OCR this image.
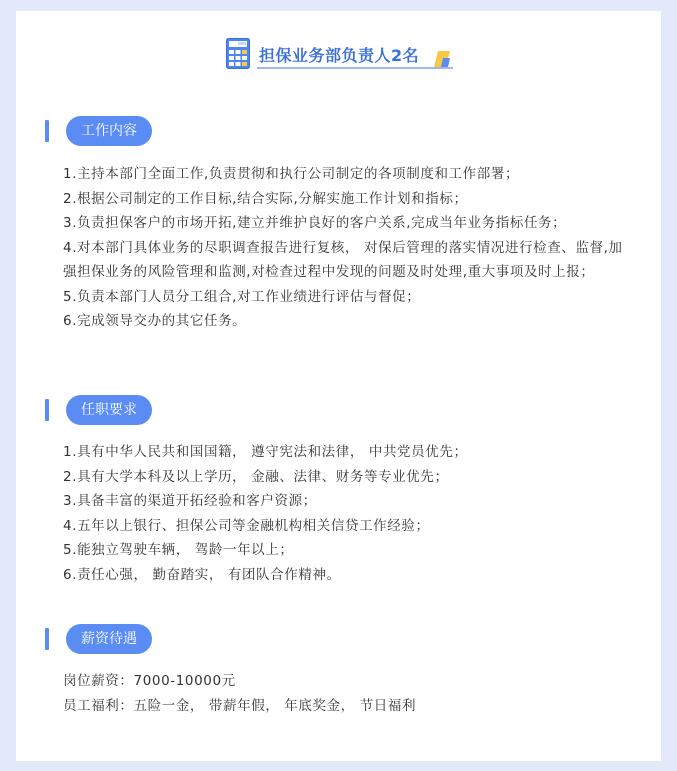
担保业务部负责人2名
工作内容
1.主持本部门全面工作,负责贯彻和执行公司制定的各项制度和工作部署；
2.根据公司制定的工作目标,结合实际,分解实施工作计划和指标；
3.负责担保客户的市场开拓,建立并维护良好的客户关系,完成当年业务指标任务；
4.对本部门具体业务的尽职调查报告进行复核， 对保后管理的落实情况进行检查、监督,加强担保业务的风险管理和监测,对检查过程中发现的问题及时处理,重大事项及时上报；
5.负责本部门人员分工组合,对工作业绩进行评估与督促；
6.完成领导交办的其它任务。
任职要求
1.具有中华人民共和国国籍， 遵守宪法和法律， 中共党员优先；
2.具有大学本科及以上学历， 金融、法律、财务等专业优先；
3.具备丰富的渠道开拓经验和客户资源；
4.五年以上银行、担保公司等金融机构相关信贷工作经验；
5.能独立驾驶车辆， 驾龄一年以上；
6.责任心强， 勤奋踏实， 有团队合作精神。
薪资待遇
岗位薪资：7000-10000元
员工福利：五险一金， 带薪年假， 年底奖金， 节日福利
